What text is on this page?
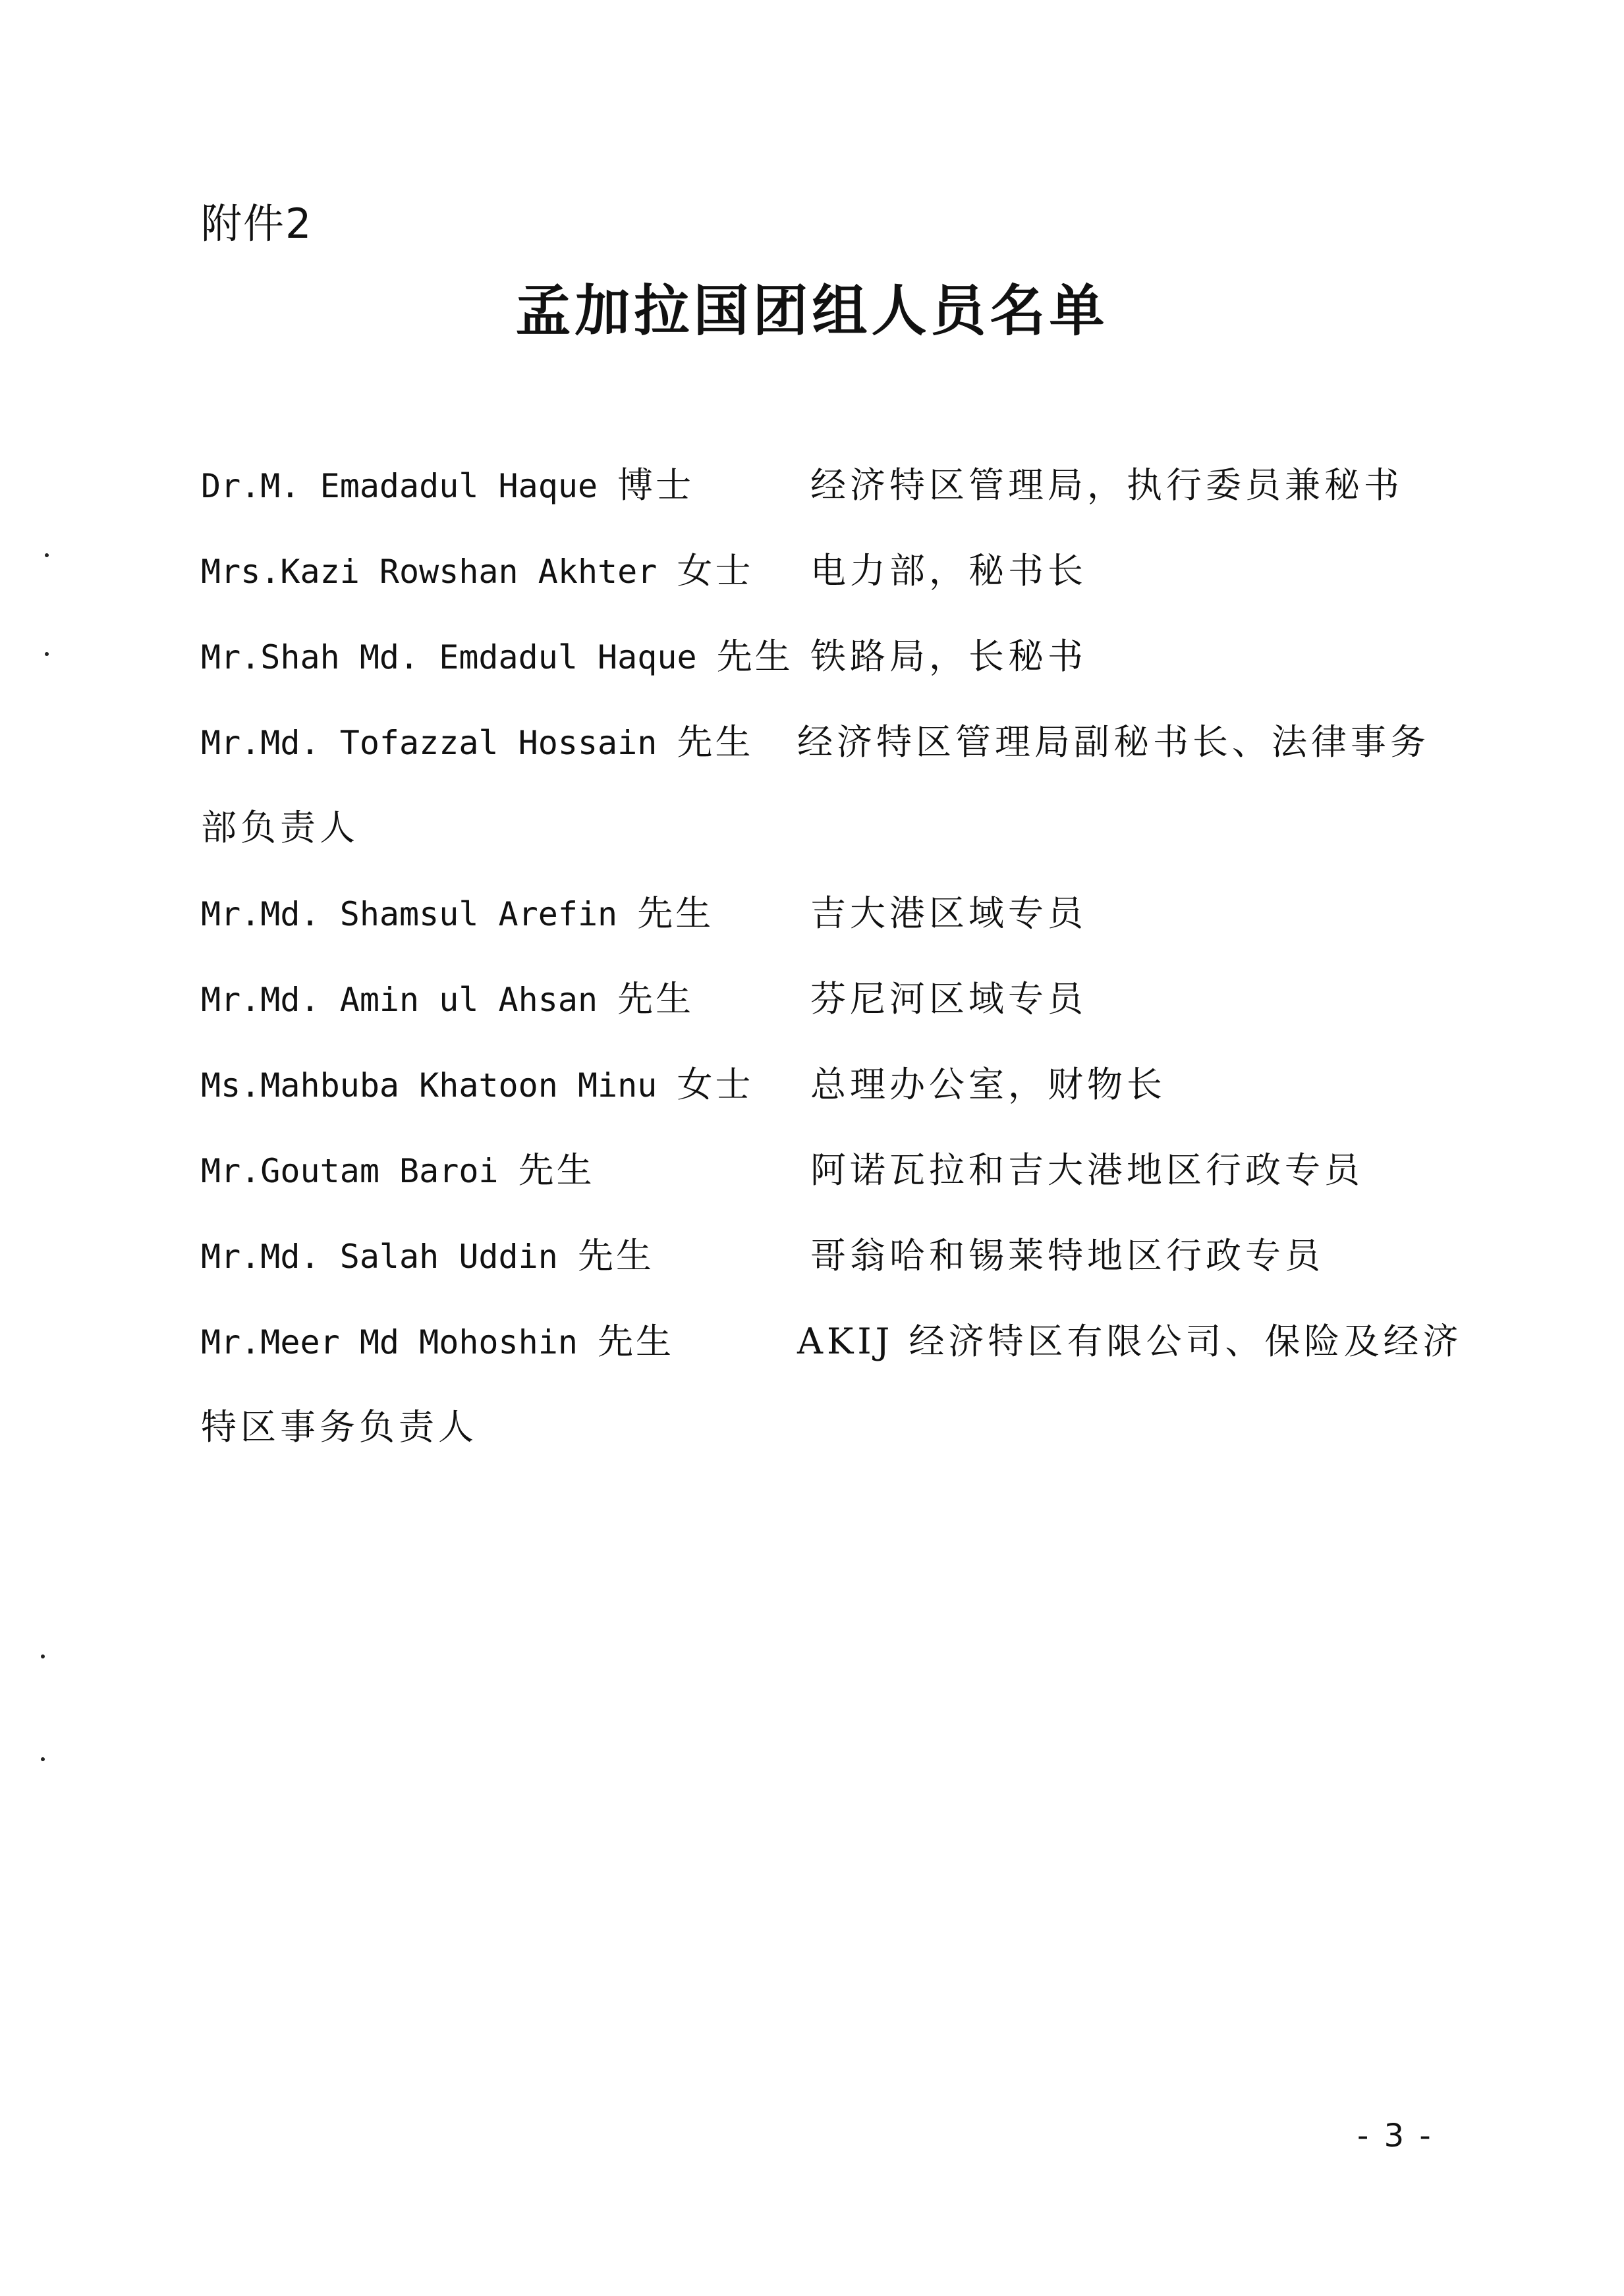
附件2
孟加拉国团组人员名单
Dr.M. Emadadul Haque 博士	经济特区管理局，执行委员兼秘书
Mrs.Kazi Rowshan Akhter 女士 电力部，秘书长
Mr.Shah Md. Emdadul Haque 先生 铁路局，长秘书
Mr.Md. Tofazzal Hossain 先生 经济特区管理局副秘书长、法律事务
部负责人
Mr.Md. Shamsul Arefin 先生	吉大港区域专员
Mr.Md. Amin ul Ahsan 先生	芬尼河区域专员
Ms.Mahbuba Khatoon Minu 女士 总理办公室，财物长
Mr.Goutam Baroi 先生	阿诺瓦拉和吉大港地区行政专员
Mr.Md. Salah Uddin 先生	哥翁哈和锡莱特地区行政专员
Mr.Meer Md Mohoshin 先生	AKIJ 经济特区有限公司、保险及经济
特区事务负责人
- 3 -
